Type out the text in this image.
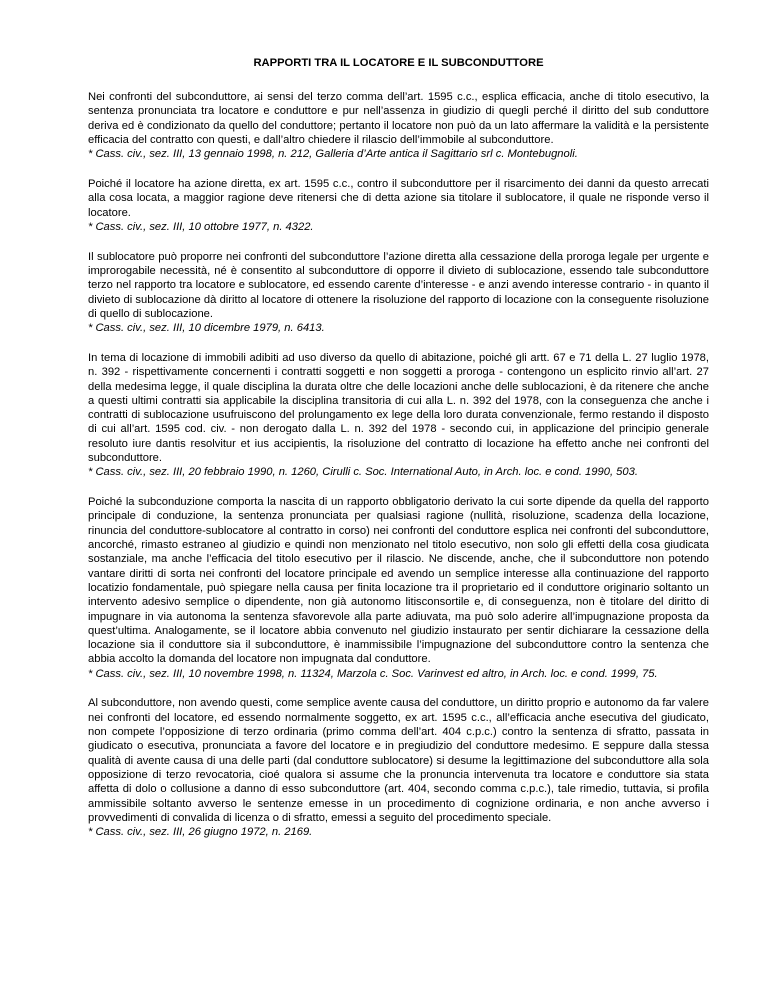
RAPPORTI TRA IL LOCATORE E IL SUBCONDUTTORE

Nei confronti del subconduttore, ai sensi del terzo comma dell’art. 1595 c.c., esplica efficacia, anche di titolo esecutivo, la sentenza pronunciata tra locatore e conduttore e pur nell’assenza in giudizio di quegli perché il diritto del sub conduttore deriva ed è condizionato da quello del conduttore; pertanto il locatore non può da un lato affermare la validità e la persistente efficacia del contratto con questi, e dall’altro chiedere il rilascio dell’immobile al subconduttore.

* Cass. civ., sez. III, 13 gennaio 1998, n. 212, Galleria d’Arte antica il Sagittario srl c. Montebugnoli.

Poiché il locatore ha azione diretta, ex art. 1595 c.c., contro il subconduttore per il risarcimento dei danni da questo arrecati alla cosa locata, a maggior ragione deve ritenersi che di detta azione sia titolare il sublocatore, il quale ne risponde verso il locatore.

* Cass. civ., sez. III, 10 ottobre 1977, n. 4322.

Il sublocatore può proporre nei confronti del subconduttore l’azione diretta alla cessazione della proroga legale per urgente e improrogabile necessità, né è consentito al subconduttore di opporre il divieto di sublocazione, essendo tale subconduttore terzo nel rapporto tra locatore e sublocatore, ed essendo carente d’interesse - e anzi avendo interesse contrario - in quanto il divieto di sublocazione dà diritto al locatore di ottenere la risoluzione del rapporto di locazione con la conseguente risoluzione di quello di sublocazione.

* Cass. civ., sez. III, 10 dicembre 1979, n. 6413.

In tema di locazione di immobili adibiti ad uso diverso da quello di abitazione, poiché gli artt. 67 e 71 della L. 27 luglio 1978, n. 392 - rispettivamente concernenti i contratti soggetti e non soggetti a proroga - contengono un esplicito rinvio all’art. 27 della medesima legge, il quale disciplina la durata oltre che delle locazioni anche delle sublocazioni, è da ritenere che anche a questi ultimi contratti sia applicabile la disciplina transitoria di cui alla L. n. 392 del 1978, con la conseguenza che anche i contratti di sublocazione usufruiscono del prolungamento ex lege della loro durata convenzionale, fermo restando il disposto di cui all’art. 1595 cod. civ. - non derogato dalla L. n. 392 del 1978 - secondo cui, in applicazione del principio generale resoluto iure dantis resolvitur et ius accipientis, la risoluzione del contratto di locazione ha effetto anche nei confronti del subconduttore.

* Cass. civ., sez. III, 20 febbraio 1990, n. 1260, Cirulli c. Soc. International Auto, in Arch. loc. e cond. 1990, 503.

Poiché la subconduzione comporta la nascita di un rapporto obbligatorio derivato la cui sorte dipende da quella del rapporto principale di conduzione, la sentenza pronunciata per qualsiasi ragione (nullità, risoluzione, scadenza della locazione, rinuncia del conduttore-sublocatore al contratto in corso) nei confronti del conduttore esplica nei confronti del subconduttore, ancorché, rimasto estraneo al giudizio e quindi non menzionato nel titolo esecutivo, non solo gli effetti della cosa giudicata sostanziale, ma anche l’efficacia del titolo esecutivo per il rilascio. Ne discende, anche, che il subconduttore non potendo vantare diritti di sorta nei confronti del locatore principale ed avendo un semplice interesse alla continuazione del rapporto locatizio fondamentale, può spiegare nella causa per finita locazione tra il proprietario ed il conduttore originario soltanto un intervento adesivo semplice o dipendente, non già autonomo litisconsortile e, di conseguenza, non è titolare del diritto di impugnare in via autonoma la sentenza sfavorevole alla parte adiuvata, ma può solo aderire all’impugnazione proposta da quest’ultima. Analogamente, se il locatore abbia convenuto nel giudizio instaurato per sentir dichiarare la cessazione della locazione sia il conduttore sia il subconduttore, è inammissibile l’impugnazione del subconduttore contro la sentenza che abbia accolto la domanda del locatore non impugnata dal conduttore.

* Cass. civ., sez. III, 10 novembre 1998, n. 11324, Marzola c. Soc. Varinvest ed altro, in Arch. loc. e cond. 1999, 75.

Al subconduttore, non avendo questi, come semplice avente causa del conduttore, un diritto proprio e autonomo da far valere nei confronti del locatore, ed essendo normalmente soggetto, ex art. 1595 c.c., all’efficacia anche esecutiva del giudicato, non compete l’opposizione di terzo ordinaria (primo comma dell’art. 404 c.p.c.) contro la sentenza di sfratto, passata in giudicato o esecutiva, pronunciata a favore del locatore e in pregiudizio del conduttore medesimo. E seppure dalla stessa qualità di avente causa di una delle parti (dal conduttore sublocatore) si desume la legittimazione del subconduttore alla sola opposizione di terzo revocatoria, cioé qualora si assume che la pronuncia intervenuta tra locatore e conduttore sia stata affetta di dolo o collusione a danno di esso subconduttore (art. 404, secondo comma c.p.c.), tale rimedio, tuttavia, si profila ammissibile soltanto avverso le sentenze emesse in un procedimento di cognizione ordinaria, e non anche avverso i provvedimenti di convalida di licenza o di sfratto, emessi a seguito del procedimento speciale.

* Cass. civ., sez. III, 26 giugno 1972, n. 2169.
